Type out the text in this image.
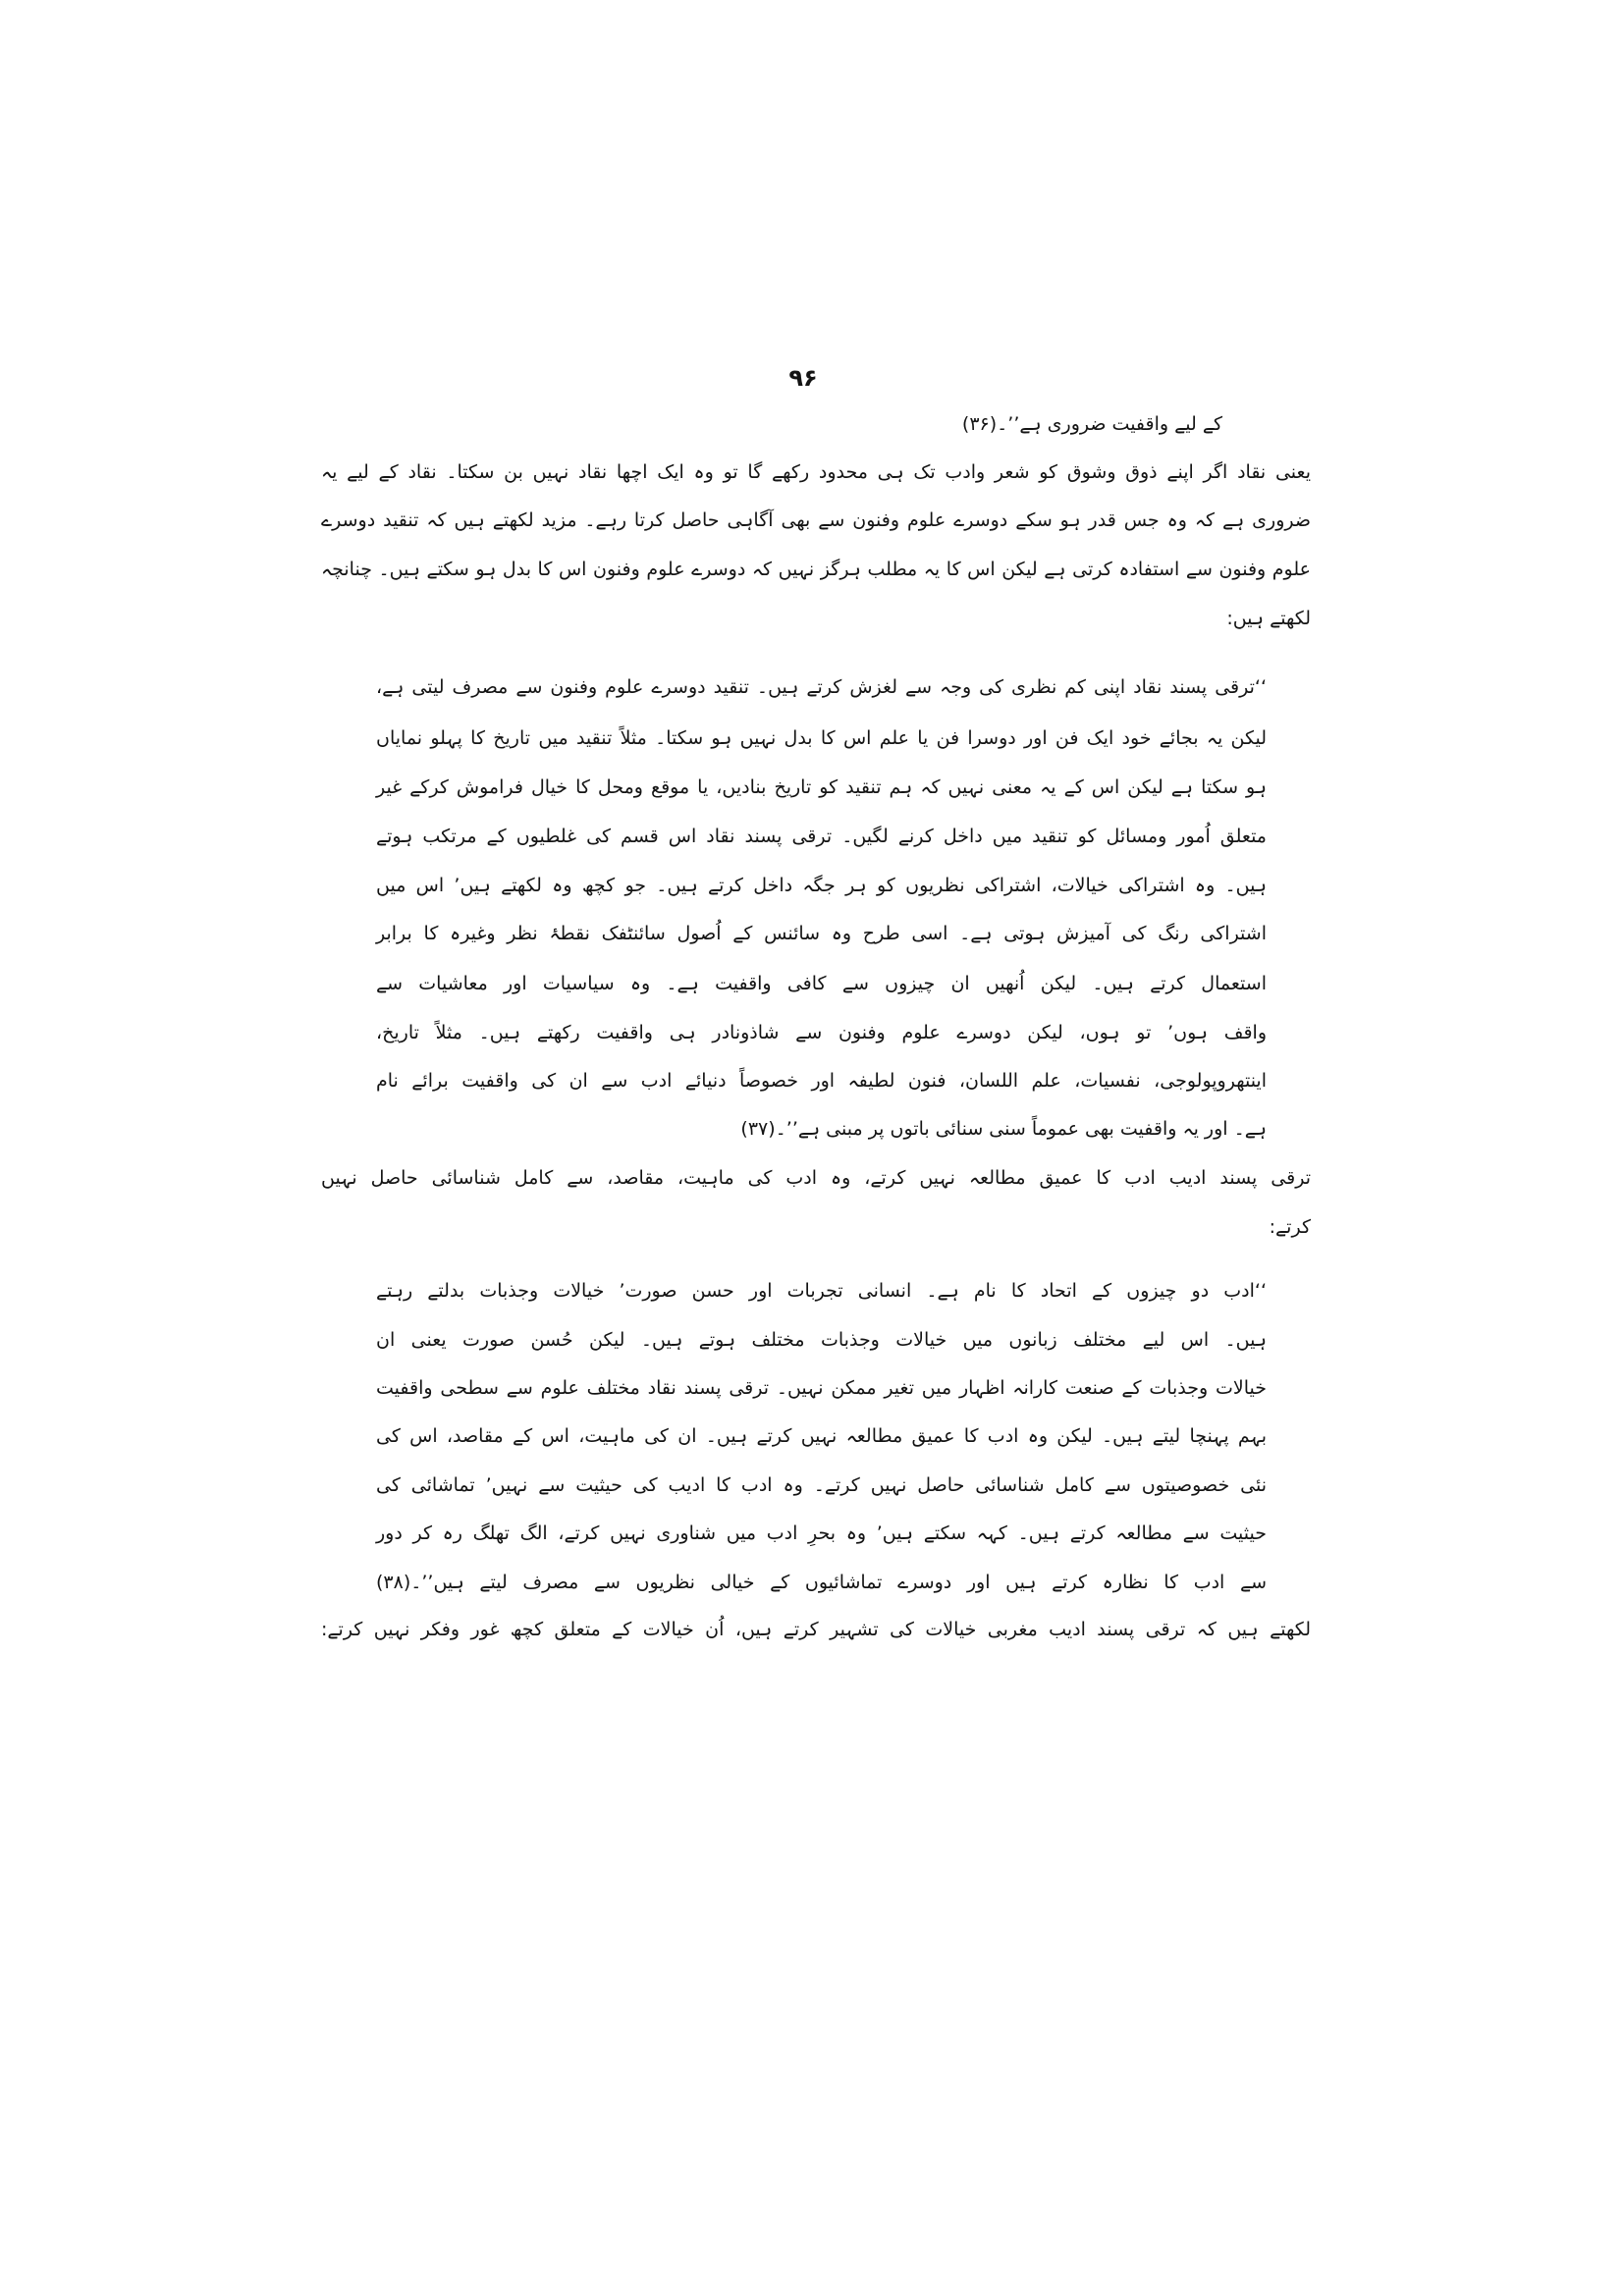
۹۶
کے لیے واقفیت ضروری ہے’’۔(۳۶)
یعنی نقاد اگر اپنے ذوق وشوق کو شعر وادب تک ہی محدود رکھے گا تو وہ ایک اچھا نقاد نہیں بن سکتا۔ نقاد کے لیے یہ
ضروری ہے کہ وہ جس قدر ہو سکے دوسرے علوم وفنون سے بھی آگاہی حاصل کرتا رہے۔ مزید لکھتے ہیں کہ تنقید دوسرے
علوم وفنون سے استفادہ کرتی ہے لیکن اس کا یہ مطلب ہرگز نہیں کہ دوسرے علوم وفنون اس کا بدل ہو سکتے ہیں۔ چنانچہ
لکھتے ہیں:
‘‘ترقی پسند نقاد اپنی کم نظری کی وجہ سے لغزش کرتے ہیں۔ تنقید دوسرے علوم وفنون سے مصرف لیتی ہے،
لیکن یہ بجائے خود ایک فن اور دوسرا فن یا علم اس کا بدل نہیں ہو سکتا۔ مثلاً تنقید میں تاریخ کا پہلو نمایاں
ہو سکتا ہے لیکن اس کے یہ معنی نہیں کہ ہم تنقید کو تاریخ بنادیں، یا موقع ومحل کا خیال فراموش کرکے غیر
متعلق اُمور ومسائل کو تنقید میں داخل کرنے لگیں۔ ترقی پسند نقاد اس قسم کی غلطیوں کے مرتکب ہوتے
ہیں۔ وہ اشتراکی خیالات، اشتراکی نظریوں کو ہر جگہ داخل کرتے ہیں۔ جو کچھ وہ لکھتے ہیں’ اس میں
اشتراکی رنگ کی آمیزش ہوتی ہے۔ اسی طرح وہ سائنس کے اُصول سائنٹفک نقطۂ نظر وغیرہ کا برابر
استعمال کرتے ہیں۔ لیکن اُنھیں ان چیزوں سے کافی واقفیت ہے۔ وہ سیاسیات اور معاشیات سے
واقف ہوں’ تو ہوں، لیکن دوسرے علوم وفنون سے شاذونادر ہی واقفیت رکھتے ہیں۔ مثلاً تاریخ،
اینتھروپولوجی، نفسیات، علم اللسان، فنون لطیفہ اور خصوصاً دنیائے ادب سے ان کی واقفیت برائے نام
ہے۔ اور یہ واقفیت بھی عموماً سنی سنائی باتوں پر مبنی ہے’’۔(۳۷)
ترقی پسند ادیب ادب کا عمیق مطالعہ نہیں کرتے، وہ ادب کی ماہیت، مقاصد، سے کامل شناسائی حاصل نہیں
کرتے:
‘‘ادب دو چیزوں کے اتحاد کا نام ہے۔ انسانی تجربات اور حسن صورت’ خیالات وجذبات بدلتے رہتے
ہیں۔ اس لیے مختلف زبانوں میں خیالات وجذبات مختلف ہوتے ہیں۔ لیکن حُسن صورت یعنی ان
خیالات وجذبات کے صنعت کارانہ اظہار میں تغیر ممکن نہیں۔ ترقی پسند نقاد مختلف علوم سے سطحی واقفیت
بہم پہنچا لیتے ہیں۔ لیکن وہ ادب کا عمیق مطالعہ نہیں کرتے ہیں۔ ان کی ماہیت، اس کے مقاصد، اس کی
نئی خصوصیتوں سے کامل شناسائی حاصل نہیں کرتے۔ وہ ادب کا ادیب کی حیثیت سے نہیں’ تماشائی کی
حیثیت سے مطالعہ کرتے ہیں۔ کہہ سکتے ہیں’ وہ بحرِ ادب میں شناوری نہیں کرتے، الگ تھلگ رہ کر دور
سے ادب کا نظارہ کرتے ہیں اور دوسرے تماشائیوں کے خیالی نظریوں سے مصرف لیتے ہیں’’۔(۳۸)
لکھتے ہیں کہ ترقی پسند ادیب مغربی خیالات کی تشہیر کرتے ہیں، اُن خیالات کے متعلق کچھ غور وفکر نہیں کرتے:
